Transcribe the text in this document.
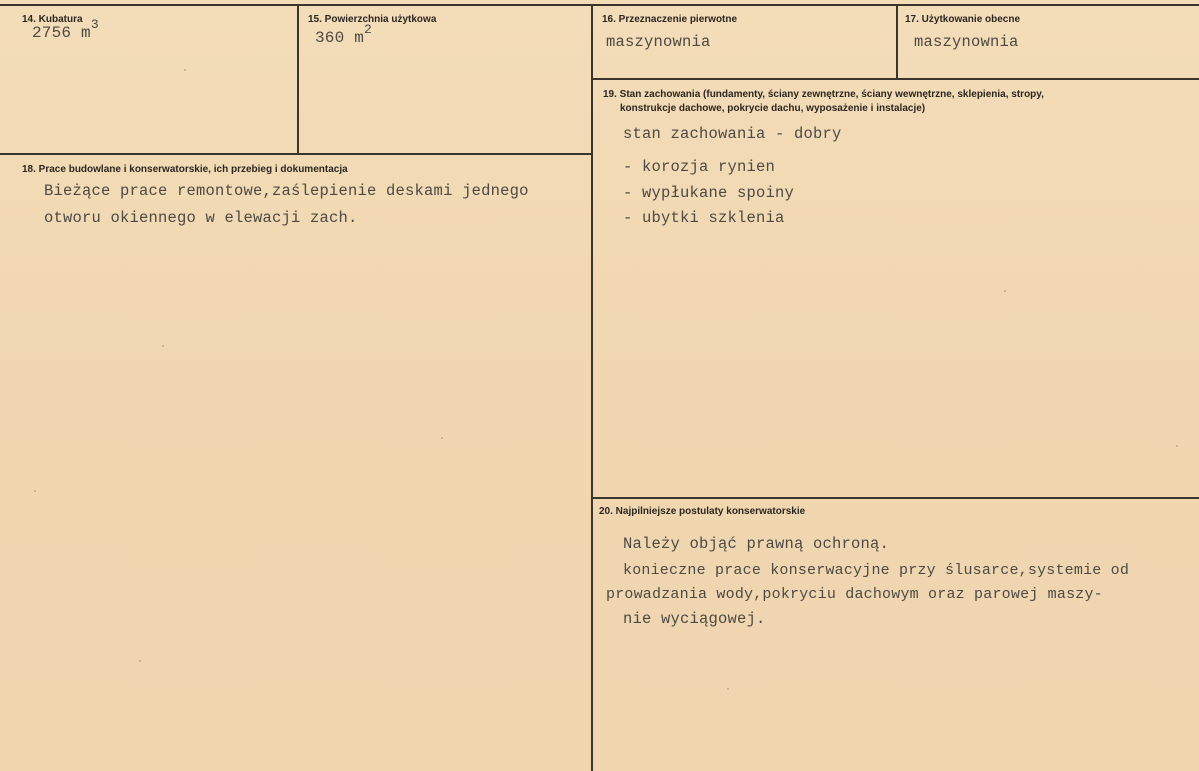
14. Kubatura
2756 $m^3$	15. Powierzchnia użytkowa
360 $m^2$
16. Przeznaczenie pierwotne
maszynownia
17. Użytkowanie obecne
maszynownia
18. Prace budowlane i konserwatorskie, ich przebieg i dokumentacja
Bieżące prace remontowe,zaślepienie deskami jednego
otworu okiennego w elewacji zach.
19. Stan zachowania (fundamenty, ściany zewnętrzne, ściany wewnętrzne, sklepienia, stropy,
konstrukcje dachowe, pokrycie dachu, wyposażenie i instalacje)
stan zachowania - dobry
- korozja rynien
- wypłukane spoiny
- ubytki szklenia
20. Najpilniejsze postulaty konserwatorskie
Należy objąć prawną ochroną.
konieczne prace konserwacyjne przy ślusarce,systemie od
prowadzania wody,pokryciu dachowym oraz parowej maszy-
nie wyciągowej.
